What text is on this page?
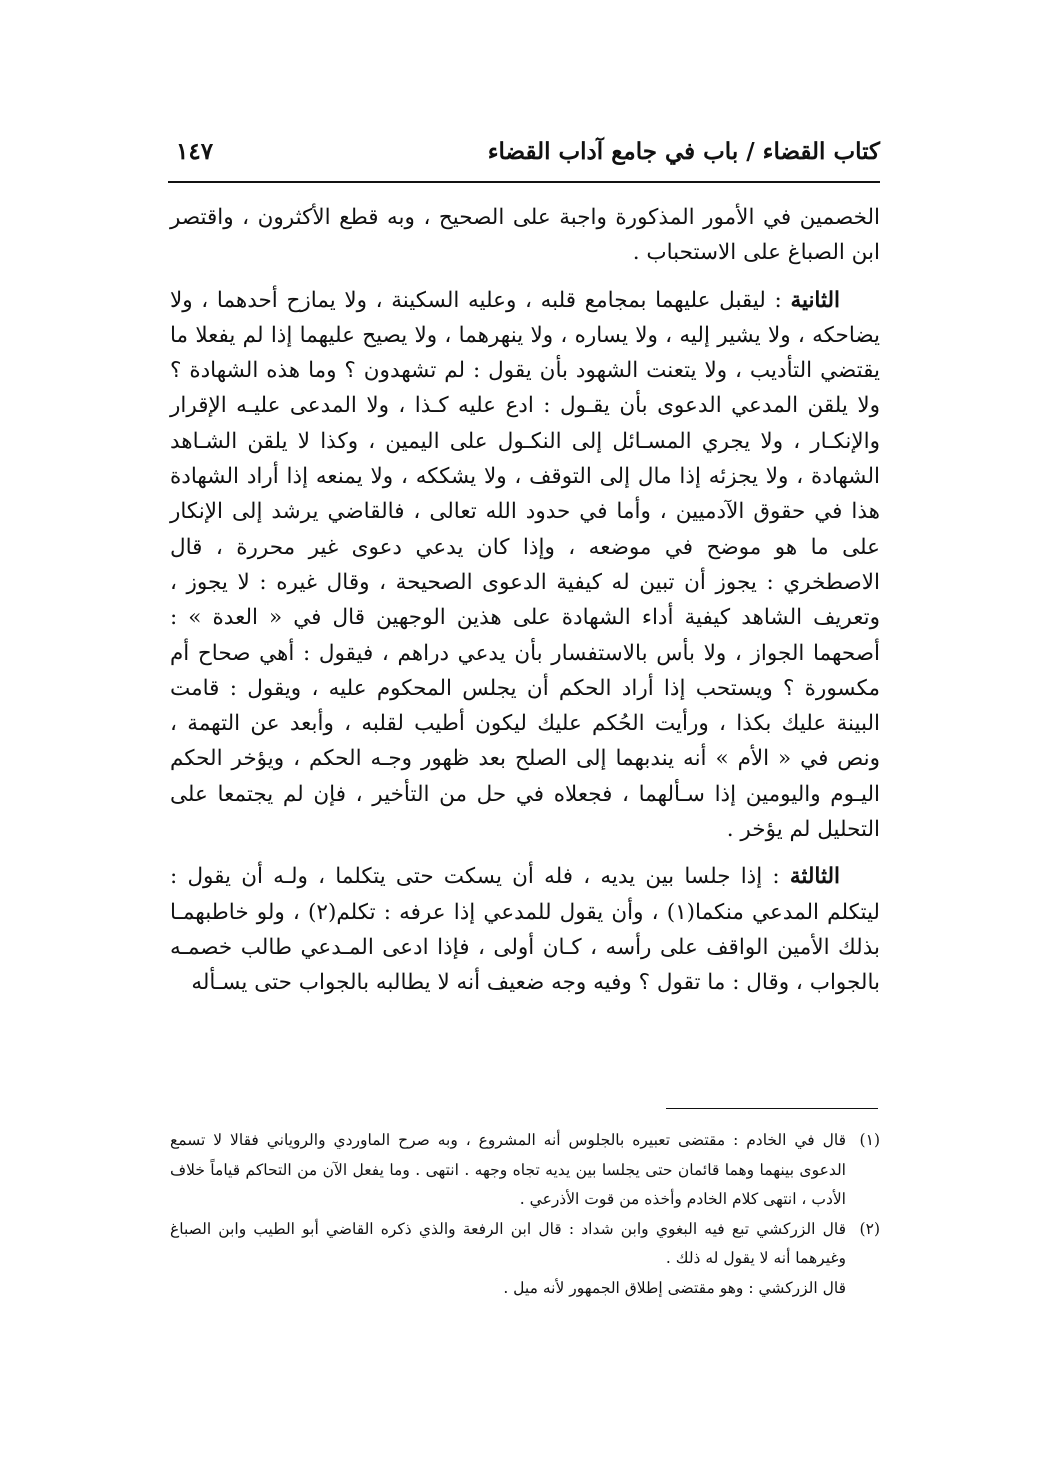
كتاب القضاء / باب في جامع آداب القضاء
١٤٧

الخصمين في الأمور المذكورة واجبة على الصحيح ، وبه قطع الأكثرون ، واقتصر ابن الصباغ على الاستحباب .

الثانية : ليقبل عليهما بمجامع قلبه ، وعليه السكينة ، ولا يمازح أحدهما ، ولا يضاحكه ، ولا يشير إليه ، ولا يساره ، ولا ينهرهما ، ولا يصيح عليهما إذا لم يفعلا ما يقتضي التأديب ، ولا يتعنت الشهود بأن يقول : لم تشهدون ؟ وما هذه الشهادة ؟ ولا يلقن المدعي الدعوى بأن يقـول : ادع عليه كـذا ، ولا المدعى عليـه الإقرار والإنكـار ، ولا يجري المسـائل إلى النكـول على اليمين ، وكذا لا يلقن الشـاهد الشهادة ، ولا يجزئه إذا مال إلى التوقف ، ولا يشككه ، ولا يمنعه إذا أراد الشهادة هذا في حقوق الآدميين ، وأما في حدود الله تعالى ، فالقاضي يرشد إلى الإنكار على ما هو موضح في موضعه ، وإذا كان يدعي دعوى غير محررة ، قال الاصطخري : يجوز أن تبين له كيفية الدعوى الصحيحة ، وقال غيره : لا يجوز ، وتعريف الشاهد كيفية أداء الشهادة على هذين الوجهين قال في « العدة » : أصحهما الجواز ، ولا بأس بالاستفسار بأن يدعي دراهم ، فيقول : أهي صحاح أم مكسورة ؟ ويستحب إذا أراد الحكم أن يجلس المحكوم عليه ، ويقول : قامت البينة عليك بكذا ، ورأيت الحُكم عليك ليكون أطيب لقلبه ، وأبعد عن التهمة ، ونص في « الأم » أنه يندبهما إلى الصلح بعد ظهور وجـه الحكم ، ويؤخر الحكم اليـوم واليومين إذا سـألهما ، فجعلاه في حل من التأخير ، فإن لم يجتمعا على التحليل لم يؤخر .

الثالثة : إذا جلسا بين يديه ، فله أن يسكت حتى يتكلما ، ولـه أن يقول : ليتكلم المدعي منكما(١) ، وأن يقول للمدعي إذا عرفه : تكلم(٢) ، ولو خاطبهمـا بذلك الأمين الواقف على رأسه ، كـان أولى ، فإذا ادعى المـدعي طالب خصمـه بالجواب ، وقال : ما تقول ؟ وفيه وجه ضعيف أنه لا يطالبه بالجواب حتى يسـأله

(١)
قال في الخادم : مقتضى تعبيره بالجلوس أنه المشروع ، وبه صرح الماوردي والروياني فقالا لا تسمع الدعوى بينهما وهما قائمان حتى يجلسا بين يديه تجاه وجهه . انتهى . وما يفعل الآن من التحاكم قياماً خلاف الأدب ، انتهى كلام الخادم وأخذه من قوت الأذرعي .
(٢)
قال الزركشي تبع فيه البغوي وابن شداد : قال ابن الرفعة والذي ذكره القاضي أبو الطيب وابن الصباغ وغيرهما أنه لا يقول له ذلك .

قال الزركشي : وهو مقتضى إطلاق الجمهور لأنه ميل .
